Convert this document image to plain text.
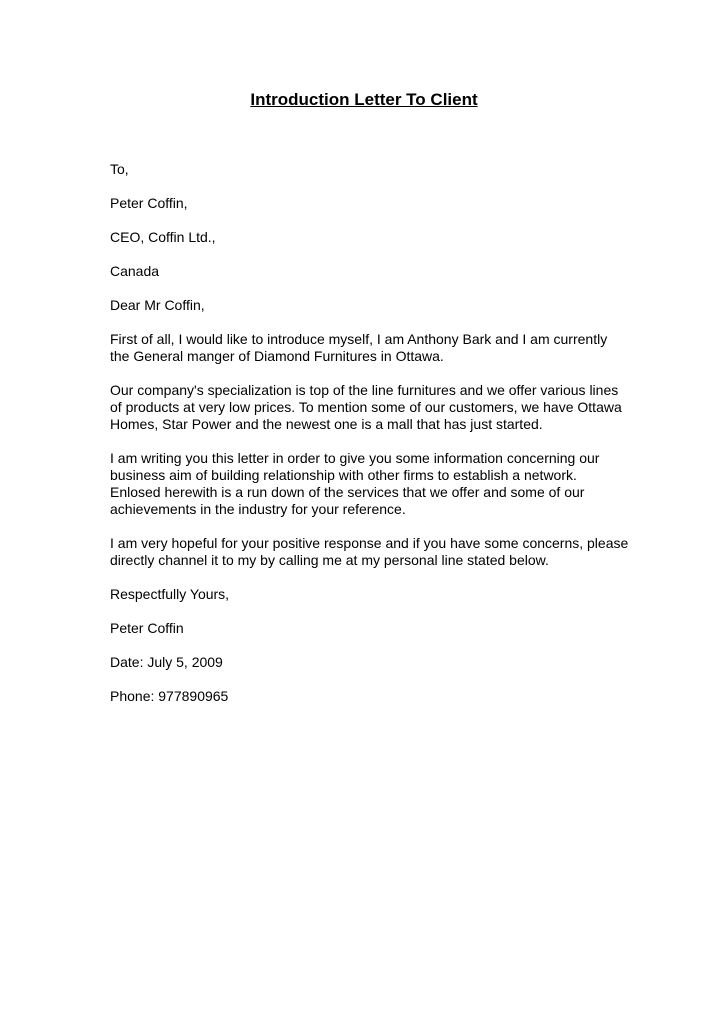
Introduction Letter To Client

To,

Peter Coffin,

CEO, Coffin Ltd.,

Canada

Dear Mr Coffin,

First of all, I would like to introduce myself, I am Anthony Bark and I am currently the General manger of Diamond Furnitures in Ottawa.

Our company's specialization is top of the line furnitures and we offer various lines of products at very low prices. To mention some of our customers, we have Ottawa Homes, Star Power and the newest one is a mall that has just started.

I am writing you this letter in order to give you some information concerning our business aim of building relationship with other firms to establish a network. Enlosed herewith is a run down of the services that we offer and some of our achievements in the industry for your reference.

I am very hopeful for your positive response and if you have some concerns, please directly channel it to my by calling me at my personal line stated below.

Respectfully Yours,

Peter Coffin

Date: July 5, 2009

Phone: 977890965
